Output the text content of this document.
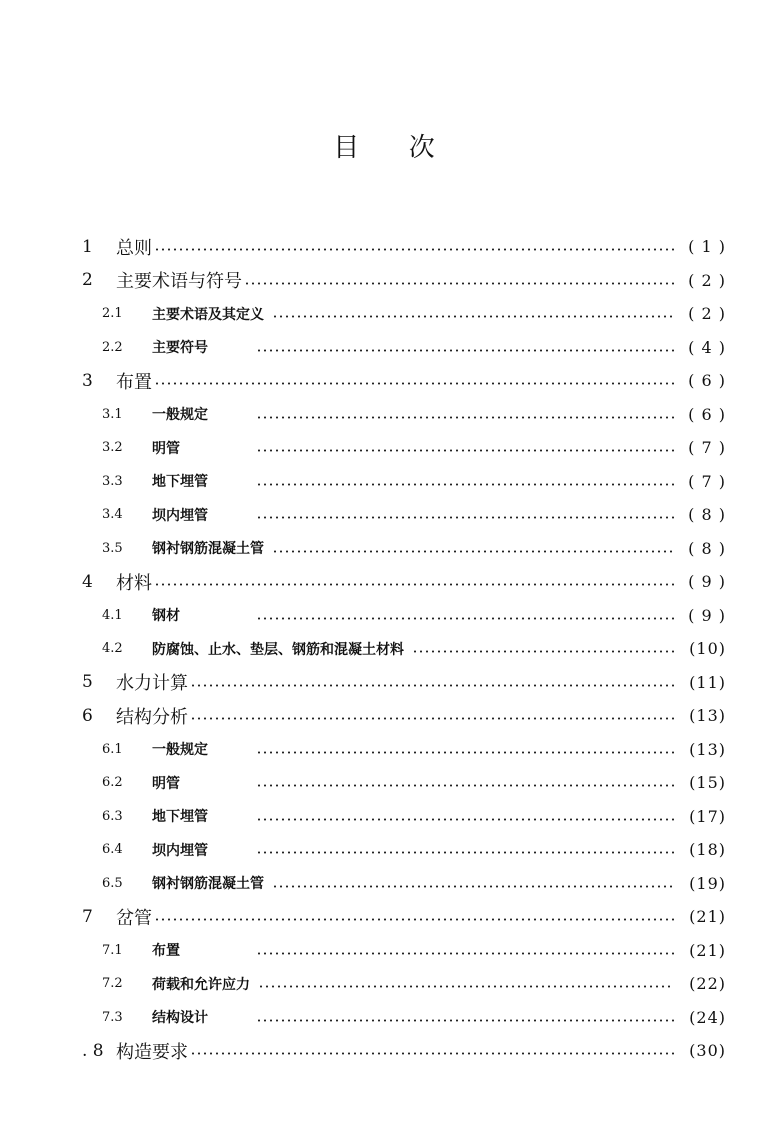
目      次
1	总则	( 1 )
2	主要术语与符号	( 2 )
2.1	主要术语及其定义	( 2 )
2.2	主要符号	( 4 )
3	布置	( 6 )
3.1	一般规定	( 6 )
3.2	明管	( 7 )
3.3	地下埋管	( 7 )
3.4	坝内埋管	( 8 )
3.5	钢衬钢筋混凝土管	( 8 )
4	材料	( 9 )
4.1	钢材	( 9 )
4.2	防腐蚀、止水、垫层、钢筋和混凝土材料	(10)
5	水力计算	(11)
6	结构分析	(13)
6.1	一般规定	(13)
6.2	明管	(15)
6.3	地下埋管	(17)
6.4	坝内埋管	(18)
6.5	钢衬钢筋混凝土管	(19)
7	岔管	(21)
7.1	布置	(21)
7.2	荷载和允许应力	(22)
7.3	结构设计	(24)
. 8 构造要求	(30)
